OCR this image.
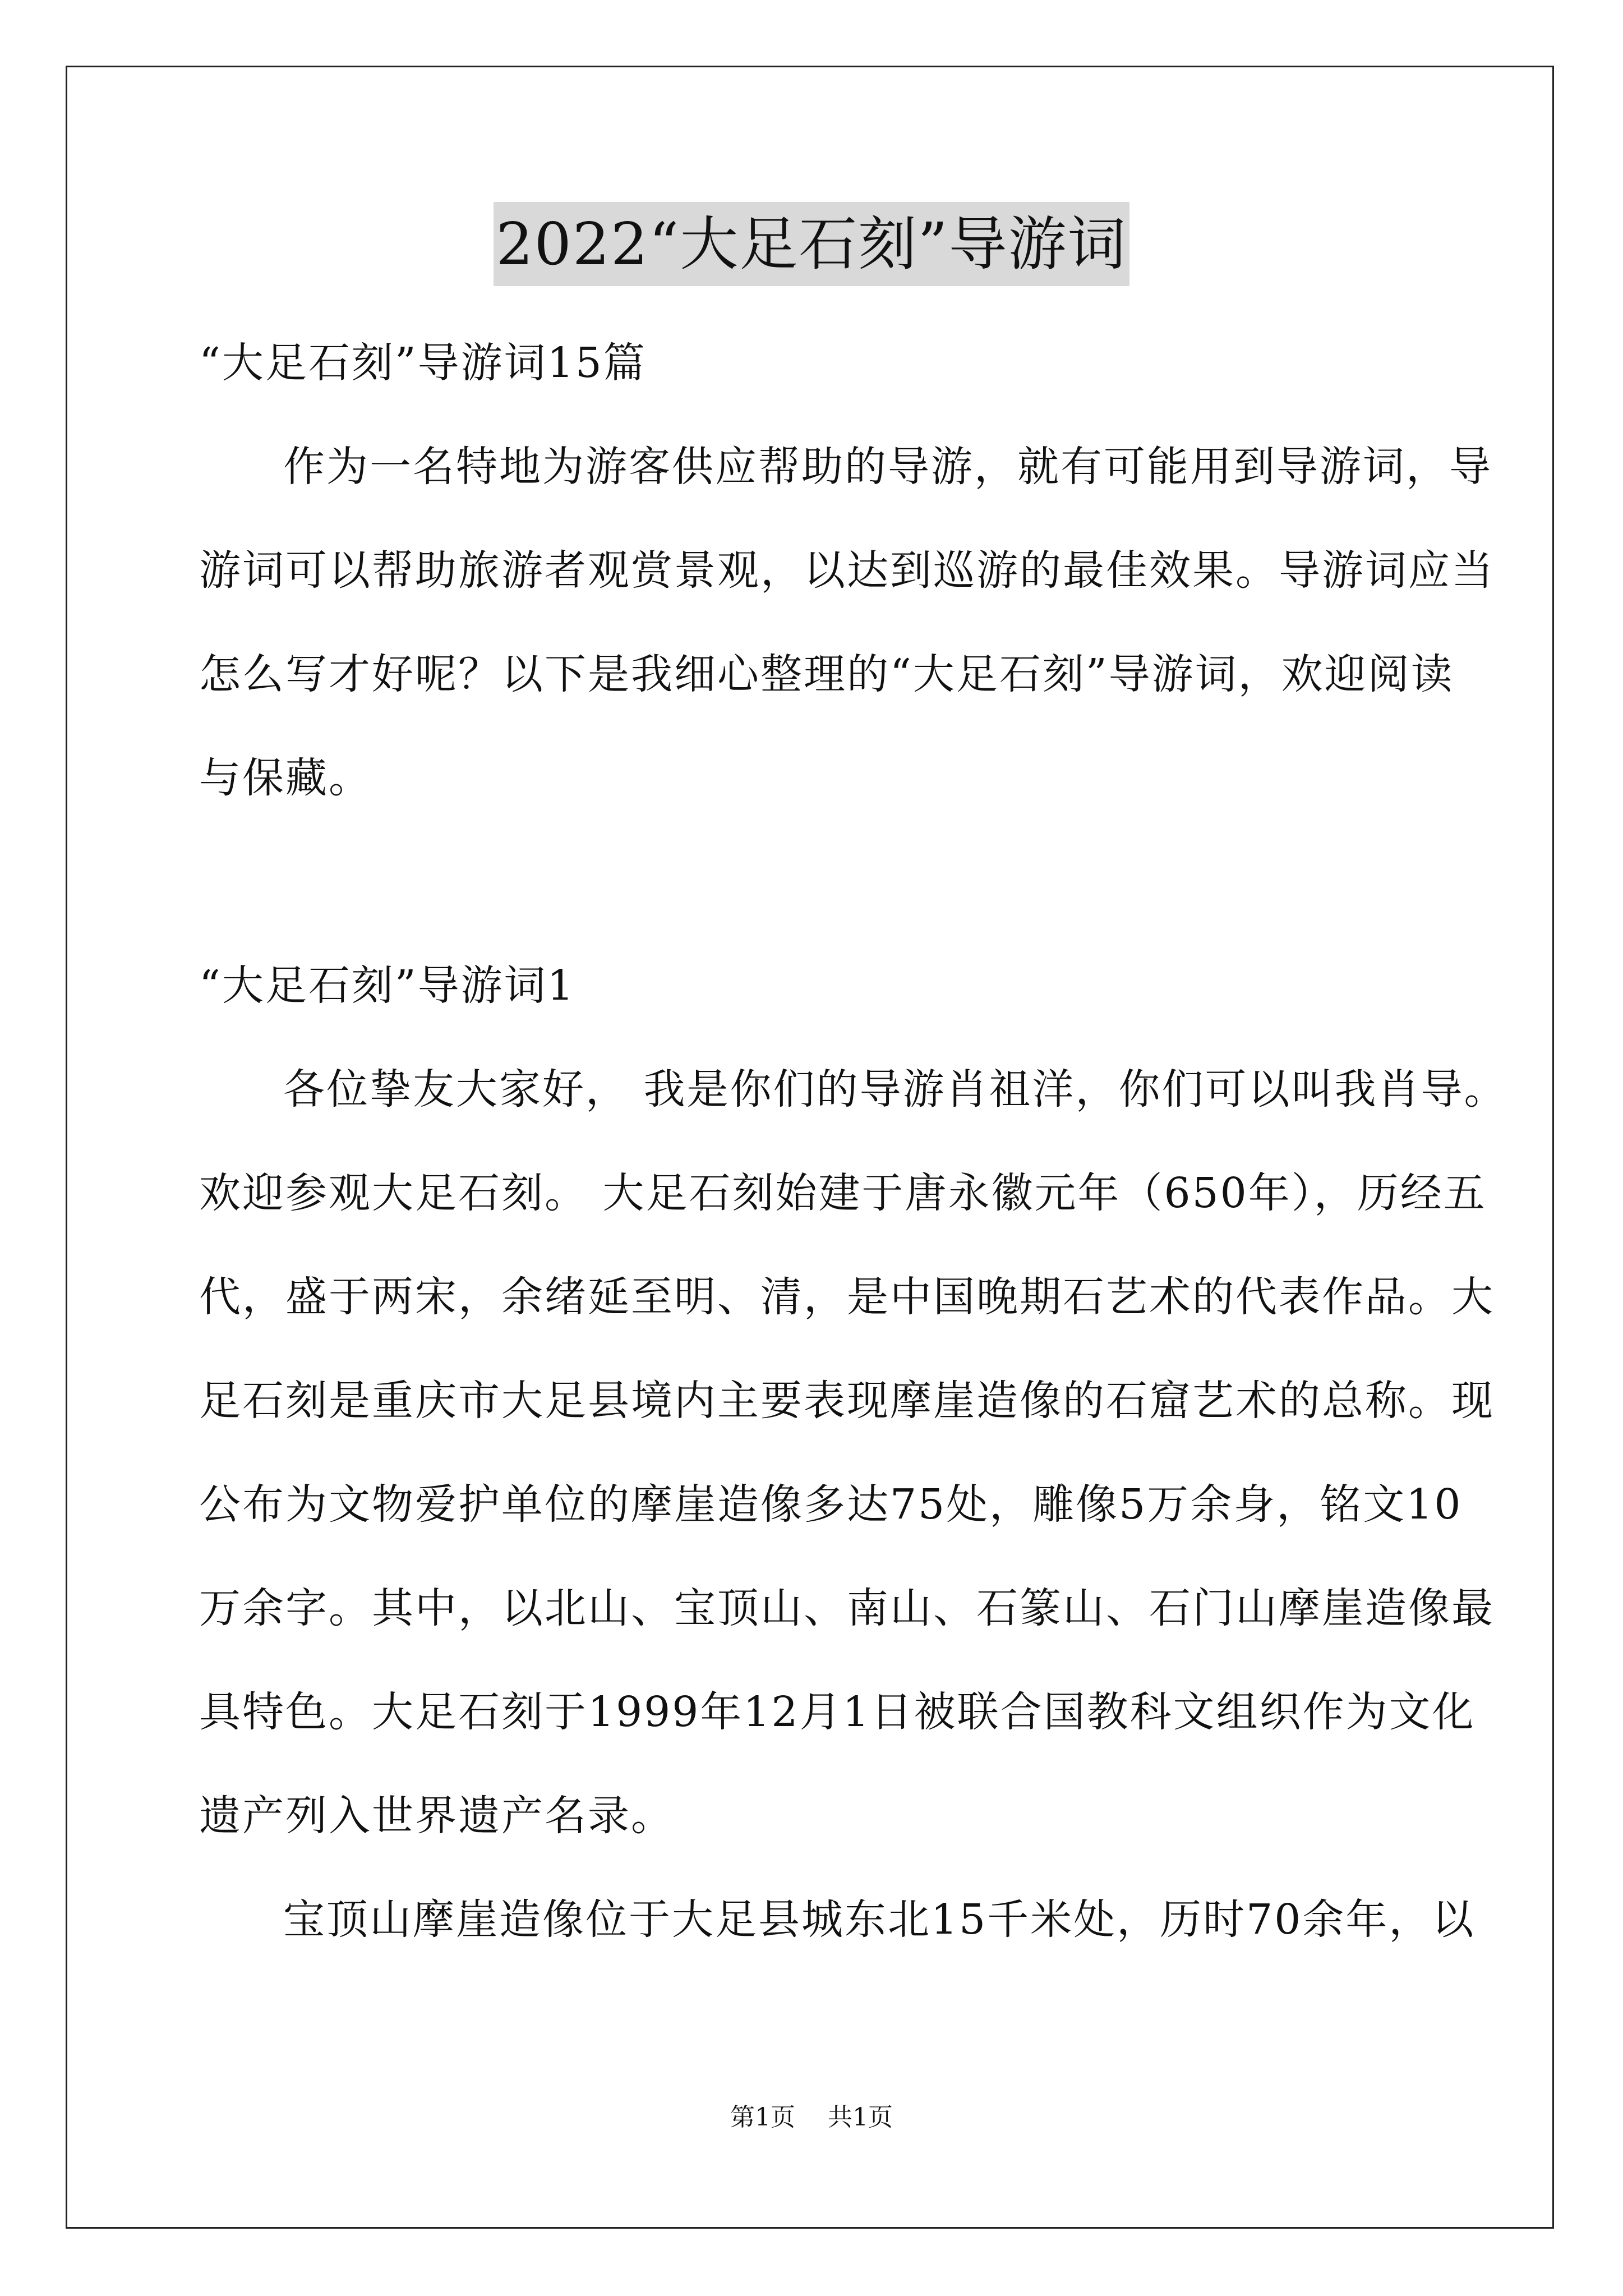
2022“大足石刻”导游词
“大足石刻”导游词15篇
作为一名特地为游客供应帮助的导游，就有可能用到导游词，导
游词可以帮助旅游者观赏景观，以达到巡游的最佳效果。导游词应当
怎么写才好呢？以下是我细心整理的“大足石刻”导游词，欢迎阅读
与保藏。
“大足石刻”导游词1
各位挚友大家好， 我是你们的导游肖祖洋，你们可以叫我肖导。
欢迎参观大足石刻。 大足石刻始建于唐永徽元年（650年），历经五
代，盛于两宋，余绪延至明、清，是中国晚期石艺术的代表作品。大
足石刻是重庆市大足县境内主要表现摩崖造像的石窟艺术的总称。现
公布为文物爱护单位的摩崖造像多达75处，雕像5万余身，铭文10
万余字。其中，以北山、宝顶山、南山、石篆山、石门山摩崖造像最
具特色。大足石刻于1999年12月1日被联合国教科文组织作为文化
遗产列入世界遗产名录。
宝顶山摩崖造像位于大足县城东北15千米处，历时70余年，以
第1页 共1页
